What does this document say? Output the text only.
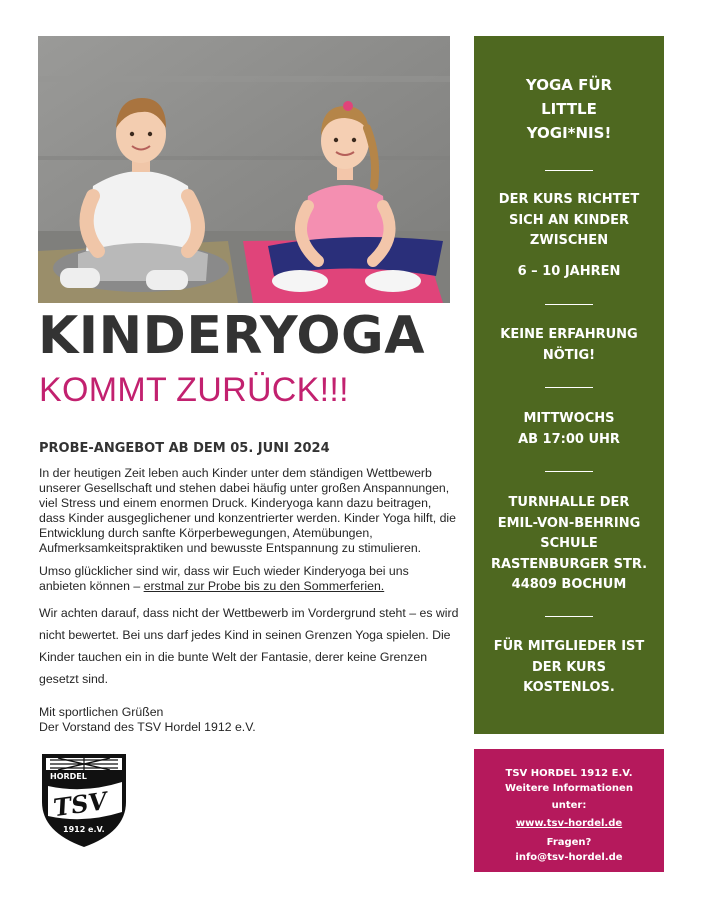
KINDERYOGA
KOMMT ZURÜCK!!!
PROBE-ANGEBOT AB DEM 05. JUNI 2024

In der heutigen Zeit leben auch Kinder unter dem ständigen Wettbewerb unserer Gesellschaft und stehen dabei häufig unter großen Anspannungen, viel Stress und einem enormen Druck. Kinderyoga kann dazu beitragen, dass Kinder ausgeglichener und konzentrierter werden. Kinder Yoga hilft, die Entwicklung durch sanfte Körperbewegungen, Atemübungen, Aufmerksamkeitspraktiken und bewusste Entspannung zu stimulieren.

Umso glücklicher sind wir, dass wir Euch wieder Kinderyoga bei uns anbieten können – erstmal zur Probe bis zu den Sommerferien.

Wir achten darauf, dass nicht der Wettbewerb im Vordergrund steht – es wird nicht bewertet. Bei uns darf jedes Kind in seinen Grenzen Yoga spielen. Die Kinder tauchen ein in die bunte Welt der Fantasie, derer keine Grenzen gesetzt sind.

Mit sportlichen Grüßen
Der Vorstand des TSV Hordel 1912 e.V.
HORDEL
TSV
1912 e.V.
YOGA FÜR
LITTLE
YOGI*NIS!
DER KURS RICHTET
SICH AN KINDER
ZWISCHEN
6 – 10 JAHREN
KEINE ERFAHRUNG
NÖTIG!
MITTWOCHS
AB 17:00 UHR
TURNHALLE DER
EMIL-VON-BEHRING
SCHULE
RASTENBURGER STR.
44809 BOCHUM
FÜR MITGLIEDER IST
DER KURS
KOSTENLOS.
TSV HORDEL 1912 E.V.
Weitere Informationen
unter:
www.tsv-hordel.de
Fragen?
info@tsv-hordel.de
